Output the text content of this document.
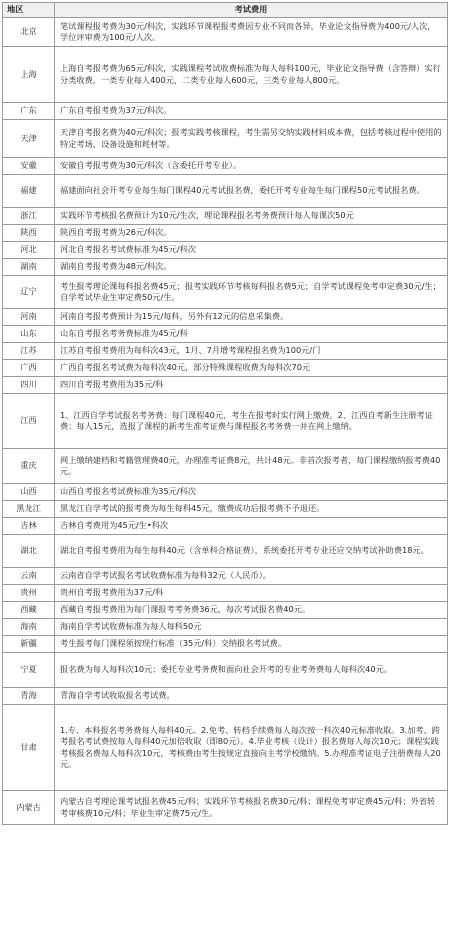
地区	考试费用
北京	笔试课程报考费为30元/科次，实践环节课程报考费因专业不同而各异，毕业论文指导费为400元/人次，学位评审费为100元/人次。
上海	上海自考报考费为65元/科次，实践课程考试收费标准为每人每科100元，毕业论文指导费（含答辩）实行分类收费，一类专业每人400元，二类专业每人600元，三类专业每人800元。
广东	广东自考报考费为37元/科次。
天津	天津自考报名费为40元/科次；报考实践考核课程，考生需另交纳实践材料成本费，包括考核过程中使用的特定考场、设备设施和耗材等。
安徽	安徽自考报考费为30元/科次（含委托开考专业）。
福建	福建面向社会开考专业每生每门课程40元考试报名费，委托开考专业每生每门课程50元考试报名费。
浙江	实践环节考核报名费预计为10元/生次，理论课程报名考务费预计每人每课次50元
陕西	陕西自考报考费为26元/科次。
河北	河北自考报名考试费标准为45元/科次
湖南	湖南自考报考费为48元/科次。
辽宁	考生报考理论课每科报名费45元；报考实践环节考核每科报名费5元；自学考试课程免考申定费30元/生；自学考试毕业生审定费50元/生。
河南	河南自考报考费预计为15元/每科，另外有12元的信息采集费。
山东	山东自考报名考务费标准为45元/科
江苏	江苏自考报考费用为每科次43元，1月、7月增考课程报名费为100元/门
广西	广西自考报名考试费为每科次40元，部分特殊课程收费为每科次70元
四川	四川自考报考费用为35元/科
江西	1、江西自学考试报名考务费：每门课程40元，考生在报考时实行网上缴费。2、江西自考新生注册考证费：每人15元，选报了课程的新考生准考证费与课程报名考务费一并在网上缴纳。
重庆	网上缴纳建档和考籍管理费40元，办理准考证费8元，共计48元。非首次报考者，每门课程缴纳报考费40元。
山西	山西自考报名考试费标准为35元/科次
黑龙江	黑龙江自学考试的报考费为每生每科45元，缴费成功后报考费不予退还。
吉林	吉林自考费用为45元/生•科次
湖北	湖北自考报考费用为每生每科40元（含单科合格证费），系统委托开考专业还应交纳考试补助费18元。
云南	云南省自学考试报名考试收费标准为每科32元（人民币）。
贵州	贵州自考报考费用为37元/科
西藏	西藏自考报考费用为每门课报考考务费36元，每次考试报名费40元。
海南	海南自学考试收费标准为每人每科50元
新疆	考生报考每门课程须按现行标准（35元/科）交纳报名考试费。
宁夏	报名费为每人每科次10元；委托专业考务费和面向社会开考的专业考务费每人每科次40元。
青海	青海自学考试收取报名考试费。
甘肃	1.专、本科报名考务费每人每科40元。2.免考、转档手续费每人每次按一科次40元标准收取。3.加考、跨考报名考试费按每人每科40元加倍收取（即80元）。4.毕业考核（设计）报名费每人每次10元；课程实践考核报名费每人每科次10元，考核费由考生按规定直接向主考学校缴纳。5.办理准考证电子注册费每人20元。
内蒙古	内蒙古自考理论课考试报名费45元/科；实践环节考核报名费30元/科；课程免考审定费45元/科；外省转考审核费10元/科；毕业生审定费75元/生。
